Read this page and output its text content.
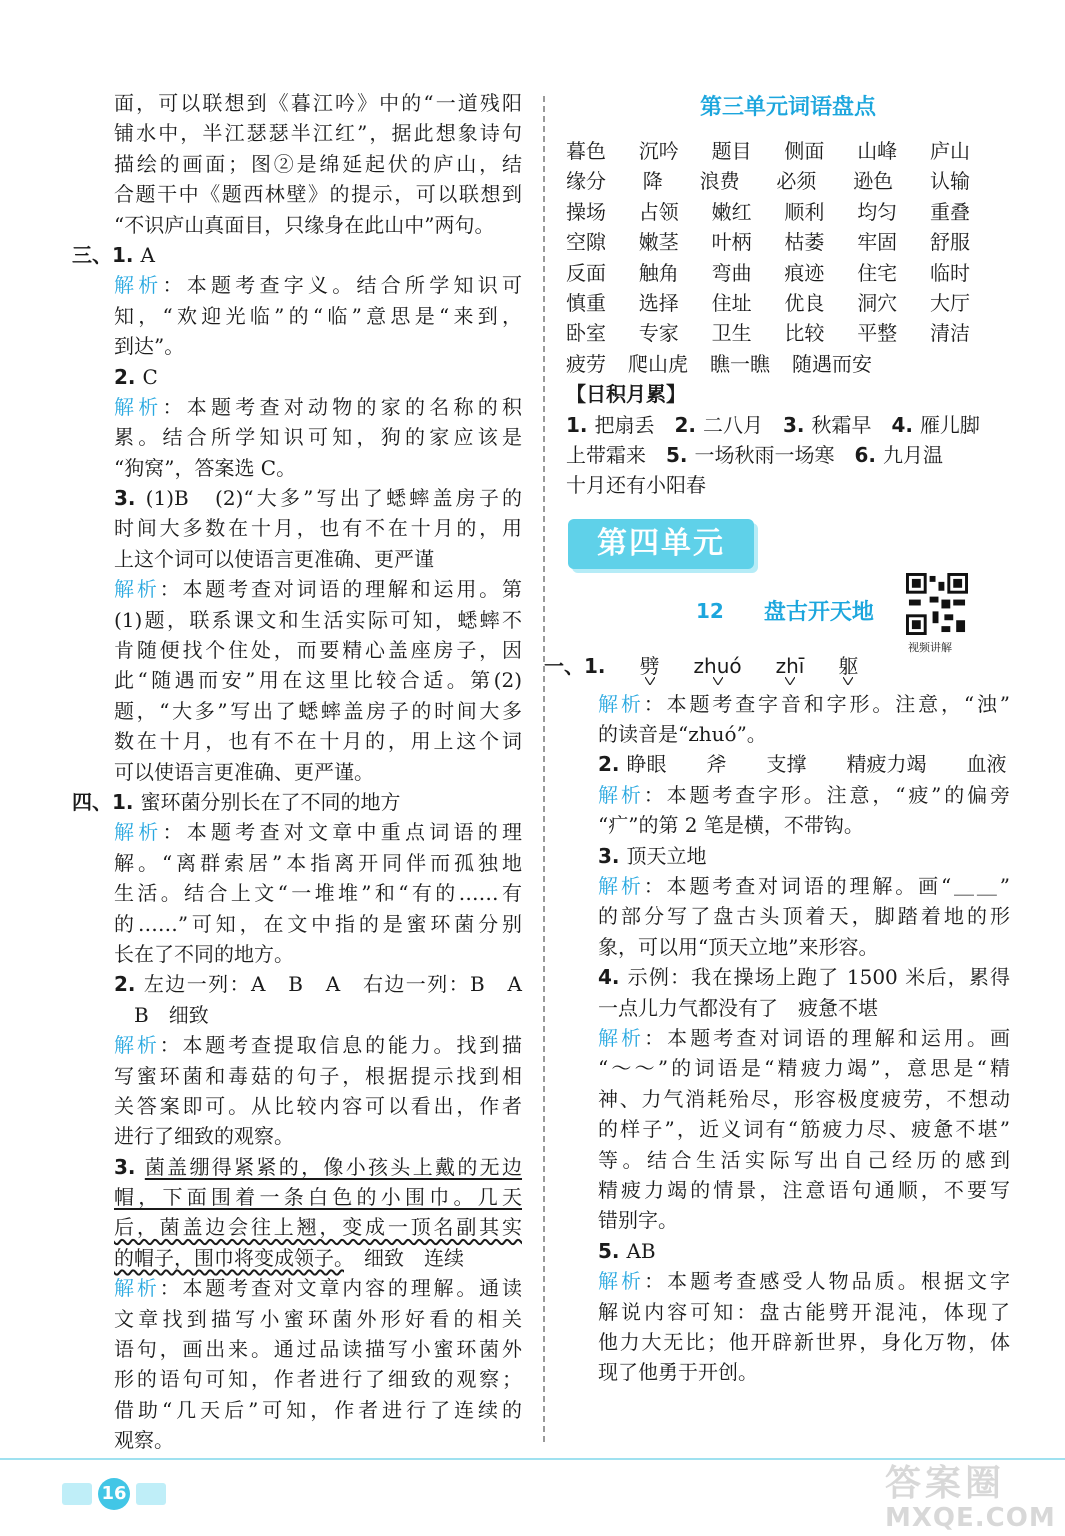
面，可以联想到《暮江吟》中的“一道残阳
铺水中，半江瑟瑟半江红”，据此想象诗句
描绘的画面；图②是绵延起伏的庐山，结
合题干中《题西林壁》的提示，可以联想到
“不识庐山真面目，只缘身在此山中”两句。
三、1. A
解析：本题考查字义。结合所学知识可
知，“欢迎光临”的“临”意思是“来到，
到达”。
2. C
解析：本题考查对动物的家的名称的积
累。结合所学知识可知，狗的家应该是
“狗窝”，答案选 C。
3. (1)B　(2)“大多”写出了蟋蟀盖房子的
时间大多数在十月，也有不在十月的，用
上这个词可以使语言更准确、更严谨
解析：本题考查对词语的理解和运用。第
(1)题，联系课文和生活实际可知，蟋蟀不
肯随便找个住处，而要精心盖座房子，因
此“随遇而安”用在这里比较合适。第(2)
题，“大多”写出了蟋蟀盖房子的时间大多
数在十月，也有不在十月的，用上这个词
可以使语言更准确、更严谨。
四、1. 蜜环菌分别长在了不同的地方
解析：本题考查对文章中重点词语的理
解。“离群索居”本指离开同伴而孤独地
生活。结合上文“一堆堆”和“有的……有
的……”可知，在文中指的是蜜环菌分别
长在了不同的地方。
2. 左边一列：A　B　A　右边一列：B　A
　B　细致
解析：本题考查提取信息的能力。找到描
写蜜环菌和毒菇的句子，根据提示找到相
关答案即可。从比较内容可以看出，作者
进行了细致的观察。
3. 菌盖绷得紧紧的，像小孩头上戴的无边
帽，下面围着一条白色的小围巾。几天
后，菌盖边会往上翘，变成一顶名副其实
的帽子，围巾将变成领子。　细致　连续
解析：本题考查对文章内容的理解。通读
文章找到描写小蜜环菌外形好看的相关
语句，画出来。通过品读描写小蜜环菌外
形的语句可知，作者进行了细致的观察；
借助“几天后”可知，作者进行了连续的
观察。
第三单元词语盘点
暮色 沉吟 题目 侧面 山峰 庐山
缘分 降 浪费 必须 逊色 认输
操场 占领 嫩红 顺利 均匀 重叠
空隙 嫩茎 叶柄 枯萎 牢固 舒服
反面 触角 弯曲 痕迹 住宅 临时
慎重 选择 住址 优良 洞穴 大厅
卧室 专家 卫生 比较 平整 清洁
疲劳 爬山虎 瞧一瞧 随遇而安
【日积月累】
1. 把扇丢　2. 二八月　3. 秋霜早　4. 雁儿脚
上带霜来　5. 一场秋雨一场寒　6. 九月温
十月还有小阳春
第四单元
12 盘古开天地
视频讲解
一、1. 劈 zhuó zhī 躯
解析：本题考查字音和字形。注意，“浊”
的读音是“zhuó”。
2. 睁眼　　斧　　支撑　　精疲力竭　　血液
解析：本题考查字形。注意，“疲”的偏旁
“疒”的第 2 笔是横，不带钩。
3. 顶天立地
解析：本题考查对词语的理解。画“＿＿”
的部分写了盘古头顶着天，脚踏着地的形
象，可以用“顶天立地”来形容。
4. 示例：我在操场上跑了 1500 米后，累得
一点儿力气都没有了　疲惫不堪
解析：本题考查对词语的理解和运用。画
“～～”的词语是“精疲力竭”，意思是“精
神、力气消耗殆尽，形容极度疲劳，不想动
的样子”，近义词有“筋疲力尽、疲惫不堪”
等。结合生活实际写出自己经历的感到
精疲力竭的情景，注意语句通顺，不要写
错别字。
5. AB
解析：本题考查感受人物品质。根据文字
解说内容可知：盘古能劈开混沌，体现了
他力大无比；他开辟新世界，身化万物，体
现了他勇于开创。
16	答案圈
MXQE.COM
